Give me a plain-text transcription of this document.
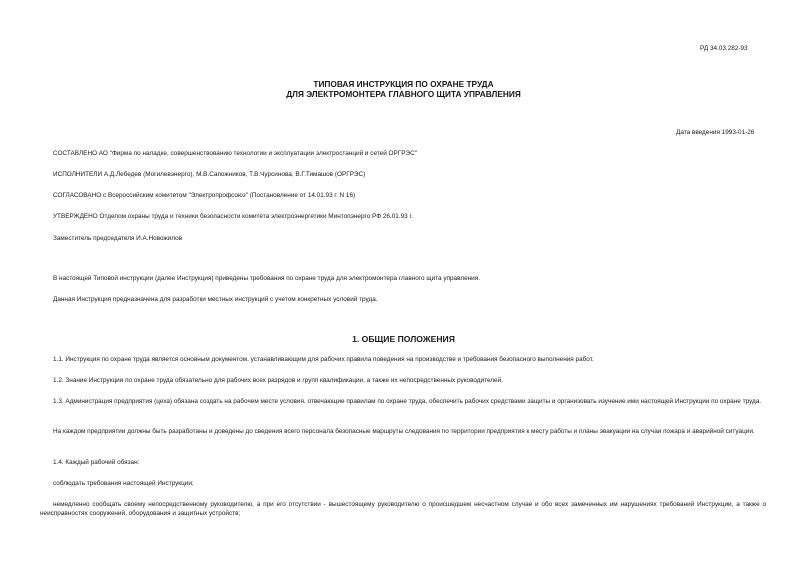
РД 34.03.282-93
ТИПОВАЯ ИНСТРУКЦИЯ ПО ОХРАНЕ ТРУДА
ДЛЯ ЭЛЕКТРОМОНТЕРА ГЛАВНОГО ЩИТА УПРАВЛЕНИЯ
Дата введения 1993-01-26
СОСТАВЛЕНО АО "Фирма по наладке, совершенствованию технологии и эксплуатации электростанций и сетей ОРГРЭС"
ИСПОЛНИТЕЛИ А.Д.Лебедев (Могилевэнерго), М.В.Сапожников, Т.В.Чурсинова, В.Г.Тимашов (ОРГРЭС)
СОГЛАСОВАНО с Всероссийским комитетом "Электропрофсоюз" (Постановление от 14.01.93 г. N 16)
УТВЕРЖДЕНО Отделом охраны труда и техники безопасности комитета электроэнергетики Минтопэнерго РФ 26.01.93 г.
Заместитель председателя И.А.Новожилов
В настоящей Типовой инструкции (далее Инструкция) приведены требования по охране труда для электромонтера главного щита управления.
Данная Инструкция предназначена для разработки местных инструкций с учетом конкретных условий труда.
1. ОБЩИЕ ПОЛОЖЕНИЯ
1.1. Инструкция по охране труда является основным документом, устанавливающим для рабочих правила поведения на производстве и требования безопасного выполнения работ.
1.2. Знание Инструкции по охране труда обязательно для рабочих всех разрядов и групп квалификации, а также их непосредственных руководителей.
1.3. Администрация предприятия (цеха) обязана создать на рабочем месте условия, отвечающие правилам по охране труда, обеспечить рабочих средствами защиты и организовать изучение ими настоящей Инструкции по охране труда.
На каждом предприятии должны быть разработаны и доведены до сведения всего персонала безопасные маршруты следования по территории предприятия к месту работы и планы эвакуации на случаи пожара и аварийной ситуации.
1.4. Каждый рабочий обязан:
соблюдать требования настоящей Инструкции;
немедленно сообщать своему непосредственному руководителю, а при его отсутствии - вышестоящему руководителю о происшедшем несчастном случае и обо всех замеченных им нарушениях требований Инструкции, а также о неисправностях сооружений, оборудования и защитных устройств;
